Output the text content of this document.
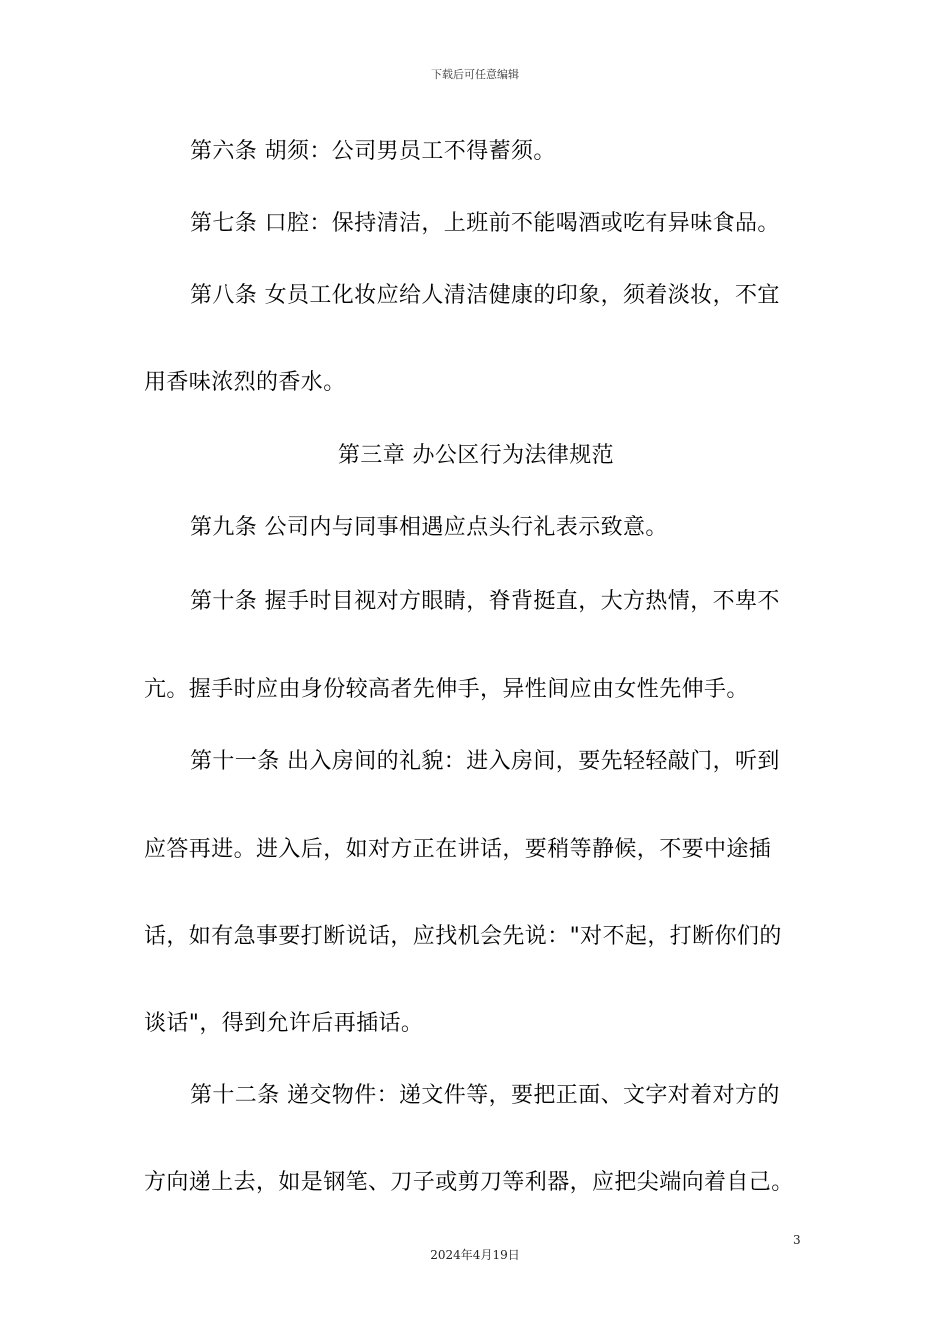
下载后可任意编辑
第六条 胡须：公司男员工不得蓄须。
第七条 口腔：保持清洁，上班前不能喝酒或吃有异味食品。
第八条 女员工化妆应给人清洁健康的印象，须着淡妆，不宜
用香味浓烈的香水。
第三章 办公区行为法律规范
第九条 公司内与同事相遇应点头行礼表示致意。
第十条 握手时目视对方眼睛，脊背挺直，大方热情，不卑不
亢。握手时应由身份较高者先伸手，异性间应由女性先伸手。
第十一条 出入房间的礼貌：进入房间，要先轻轻敲门，听到
应答再进。进入后，如对方正在讲话，要稍等静候，不要中途插
话，如有急事要打断说话，应找机会先说："对不起，打断你们的
谈话"，得到允许后再插话。
第十二条 递交物件：递文件等，要把正面、文字对着对方的
方向递上去，如是钢笔、刀子或剪刀等利器，应把尖端向着自己。
3
2024年4月19日
